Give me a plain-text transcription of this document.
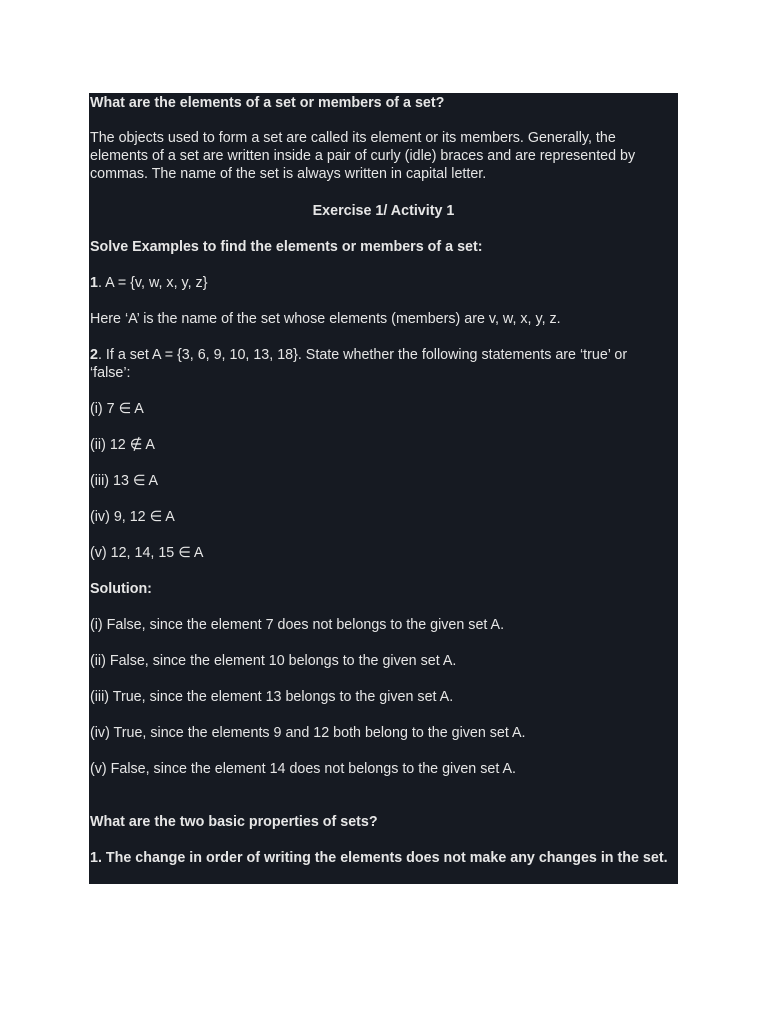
What are the elements of a set or members of a set?

The objects used to form a set are called its element or its members. Generally, the elements of a set are written inside a pair of curly (idle) braces and are represented by commas. The name of the set is always written in capital letter.

Exercise 1/ Activity 1

Solve Examples to find the elements or members of a set:

1. A = {v, w, x, y, z}

Here ‘A’ is the name of the set whose elements (members) are v, w, x, y, z.

2. If a set A = {3, 6, 9, 10, 13, 18}. State whether the following statements are ‘true’ or ‘false’:

(i) 7 ∈ A

(ii) 12 ∉ A

(iii) 13 ∈ A

(iv) 9, 12 ∈ A

(v) 12, 14, 15 ∈ A

Solution:

(i) False, since the element 7 does not belongs to the given set A.

(ii) False, since the element 10 belongs to the given set A.

(iii) True, since the element 13 belongs to the given set A.

(iv) True, since the elements 9 and 12 both belong to the given set A.

(v) False, since the element 14 does not belongs to the given set A.

What are the two basic properties of sets?

1. The change in order of writing the elements does not make any changes in the set.
